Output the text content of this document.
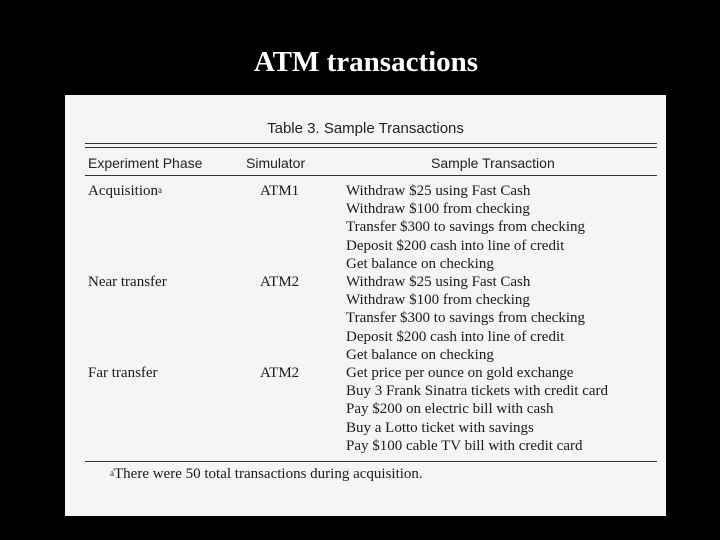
ATM transactions
Table 3. Sample Transactions
Experiment Phase	Simulator	Sample Transaction
Acquisition$^a$	ATM1	Withdraw $25 using Fast Cash
Withdraw $100 from checking
Transfer $300 to savings from checking
Deposit $200 cash into line of credit
Get balance on checking
Near transfer	ATM2	Withdraw $25 using Fast Cash
Withdraw $100 from checking
Transfer $300 to savings from checking
Deposit $200 cash into line of credit
Get balance on checking
Far transfer	ATM2	Get price per ounce on gold exchange
Buy 3 Frank Sinatra tickets with credit card
Pay $200 on electric bill with cash
Buy a Lotto ticket with savings
Pay $100 cable TV bill with credit card
$^a$There were 50 total transactions during acquisition.
